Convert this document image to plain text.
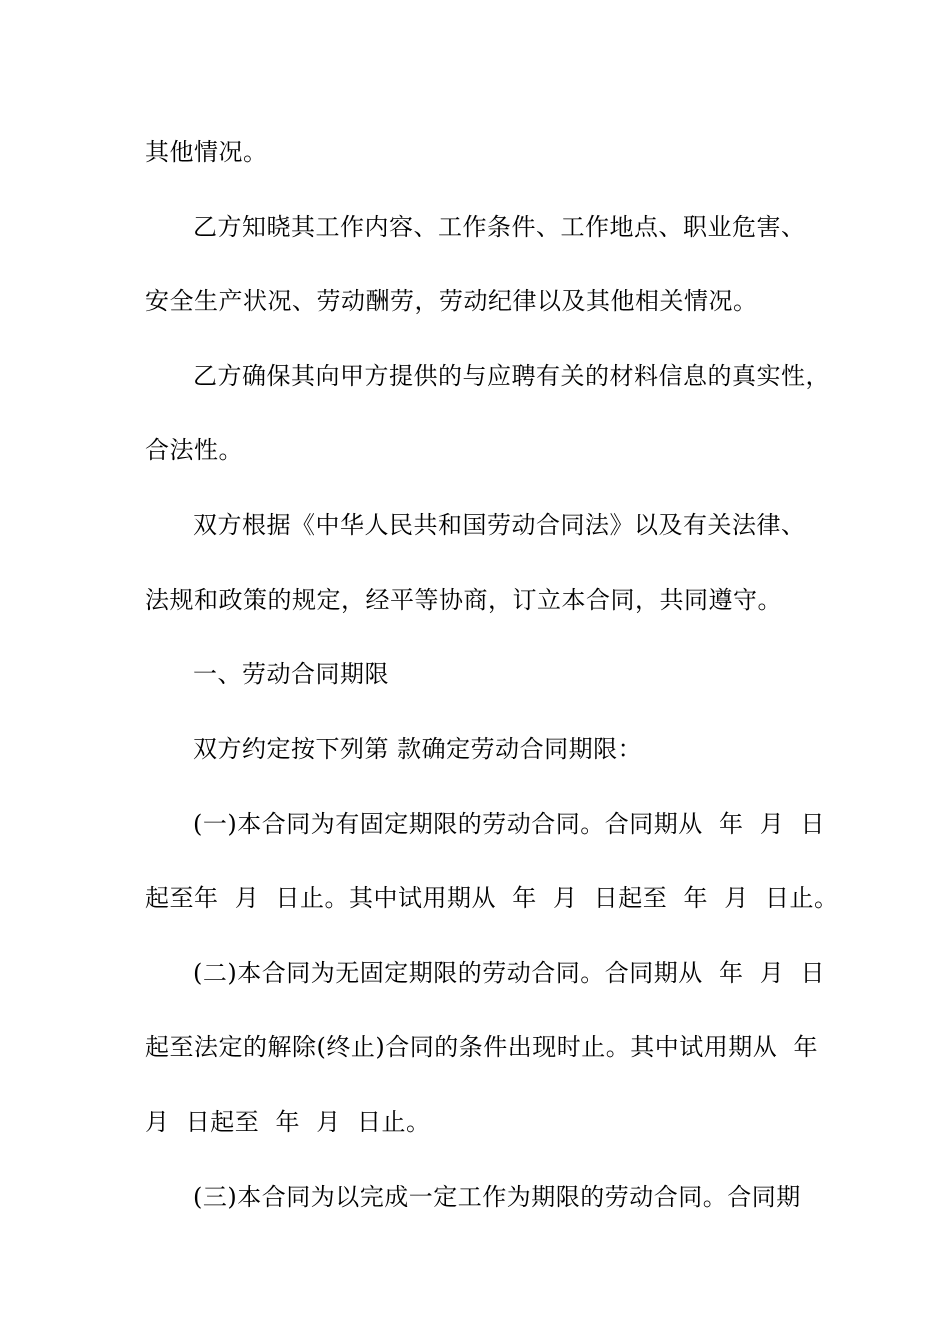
其他情况。
乙方知晓其工作内容、工作条件、工作地点、职业危害、
安全生产状况、劳动酬劳，劳动纪律以及其他相关情况。
乙方确保其向甲方提供的与应聘有关的材料信息的真实性，
合法性。
双方根据《中华人民共和国劳动合同法》以及有关法律、
法规和政策的规定，经平等协商，订立本合同，共同遵守。
一、劳动合同期限
双方约定按下列第 款确定劳动合同期限：
(一)本合同为有固定期限的劳动合同。合同期从  年  月  日
起至年  月  日止。其中试用期从  年  月  日起至  年  月  日止。
(二)本合同为无固定期限的劳动合同。合同期从  年  月  日
起至法定的解除(终止)合同的条件出现时止。其中试用期从  年
月  日起至  年  月  日止。
(三)本合同为以完成一定工作为期限的劳动合同。合同期
